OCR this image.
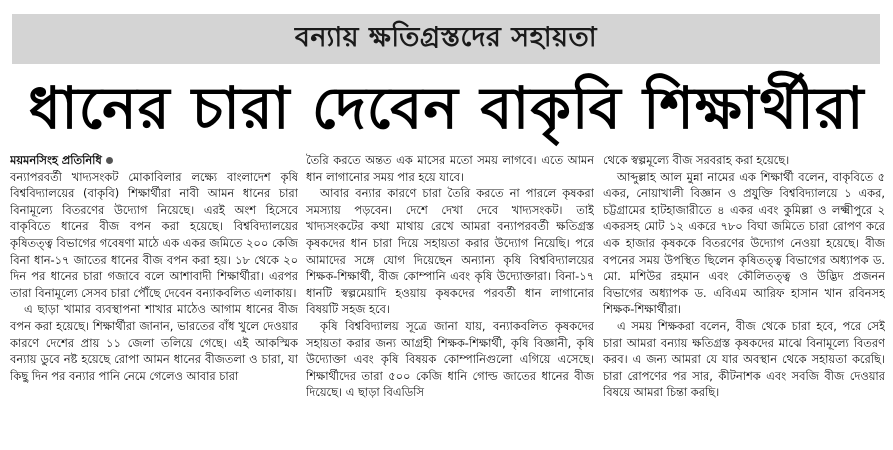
বন্যায় ক্ষতিগ্রস্তদের সহায়তা
ধানের চারা দেবেন বাকৃবি শিক্ষার্থীরা

ময়মনসিংহ প্রতিনিধি

বন্যাপরবর্তী খাদ্যসংকট মোকাবিলার লক্ষ্যে বাংলাদেশ কৃষি বিশ্ববিদ্যালয়ের (বাকৃবি) শিক্ষার্থীরা নাবী আমন ধানের চারা বিনামূল্যে বিতরণের উদ্যোগ নিয়েছে। এরই অংশ হিসেবে বাকৃবিতে ধানের বীজ বপন করা হয়েছে। বিশ্ববিদ্যালয়ের কৃষিতত্ত্ব বিভাগের গবেষণা মাঠে এক একর জমিতে ২০০ কেজি বিনা ধান-১৭ জাতের ধানের বীজ বপন করা হয়। ১৮ থেকে ২০ দিন পর ধানের চারা গজাবে বলে আশাবাদী শিক্ষার্থীরা। এরপর তারা বিনামূল্যে সেসব চারা পৌঁছে দেবেন বন্যাকবলিত এলাকায়।

এ ছাড়া খামার ব্যবস্থাপনা শাখার মাঠেও আগাম ধানের বীজ বপন করা হয়েছে। শিক্ষার্থীরা জানান, ভারতের বাঁধ খুলে দেওয়ার কারণে দেশের প্রায় ১১ জেলা তলিয়ে গেছে। এই আকস্মিক বন্যায় ডুবে নষ্ট হয়েছে রোপা আমন ধানের বীজতলা ও চারা, যা কিছু দিন পর বন্যার পানি নেমে গেলেও আবার চারা

তৈরি করতে অন্তত এক মাসের মতো সময় লাগবে। এতে আমন ধান লাগানোর সময় পার হয়ে যাবে।

আবার বন্যার কারণে চারা তৈরি করতে না পারলে কৃষকরা সমস্যায় পড়বেন। দেশে দেখা দেবে খাদ্যসংকট। তাই খাদ্যসংকটের কথা মাথায় রেখে আমরা বন্যাপরবর্তী ক্ষতিগ্রস্ত কৃষকদের ধান চারা দিয়ে সহায়তা করার উদ্যোগ নিয়েছি। পরে আমাদের সঙ্গে যোগ দিয়েছেন অন্যান্য কৃষি বিশ্ববিদ্যালয়ের শিক্ষক-শিক্ষার্থী, বীজ কোম্পানি এবং কৃষি উদ্যোক্তারা। বিনা-১৭ ধানটি স্বল্পমেয়াদি হওয়ায় কৃষকদের পরবর্তী ধান লাগানোর বিষয়টি সহজ হবে।

কৃষি বিশ্ববিদ্যালয় সূত্রে জানা যায়, বন্যাকবলিত কৃষকদের সহায়তা করার জন্য আগ্রহী শিক্ষক-শিক্ষার্থী, কৃষি বিজ্ঞানী, কৃষি উদ্যোক্তা এবং কৃষি বিষয়ক কোম্পানিগুলো এগিয়ে এসেছে। শিক্ষার্থীদের তারা ৫০০ কেজি ধানি গোল্ড জাতের ধানের বীজ দিয়েছে। এ ছাড়া বিএডিসি

থেকে স্বল্পমূল্যে বীজ সরবরাহ করা হয়েছে।

আব্দুল্লাহ আল মুন্না নামের এক শিক্ষার্থী বলেন, বাকৃবিতে ৫ একর, নোয়াখালী বিজ্ঞান ও প্রযুক্তি বিশ্ববিদ্যালয়ে ১ একর, চট্টগ্রামের হাটহাজারীতে ৪ একর এবং কুমিল্লা ও লক্ষ্মীপুরে ২ একরসহ মোট ১২ একরে ৭৮০ বিঘা জমিতে চারা রোপণ করে এক হাজার কৃষককে বিতরণের উদ্যোগ নেওয়া হয়েছে। বীজ বপনের সময় উপস্থিত ছিলেন কৃষিতত্ত্ব বিভাগের অধ্যাপক ড. মো. মশিউর রহমান এবং কৌলিতত্ত্ব ও উদ্ভিদ প্রজনন বিভাগের অধ্যাপক ড. এবিএম আরিফ হাসান খান রবিনসহ শিক্ষক-শিক্ষার্থীরা।

এ সময় শিক্ষকরা বলেন, বীজ থেকে চারা হবে, পরে সেই চারা আমরা বন্যায় ক্ষতিগ্রস্ত কৃষকদের মাঝে বিনামূল্যে বিতরণ করব। এ জন্য আমরা যে যার অবস্থান থেকে সহায়তা করেছি। চারা রোপণের পর সার, কীটনাশক এবং সবজি বীজ দেওয়ার বিষয়ে আমরা চিন্তা করছি।
